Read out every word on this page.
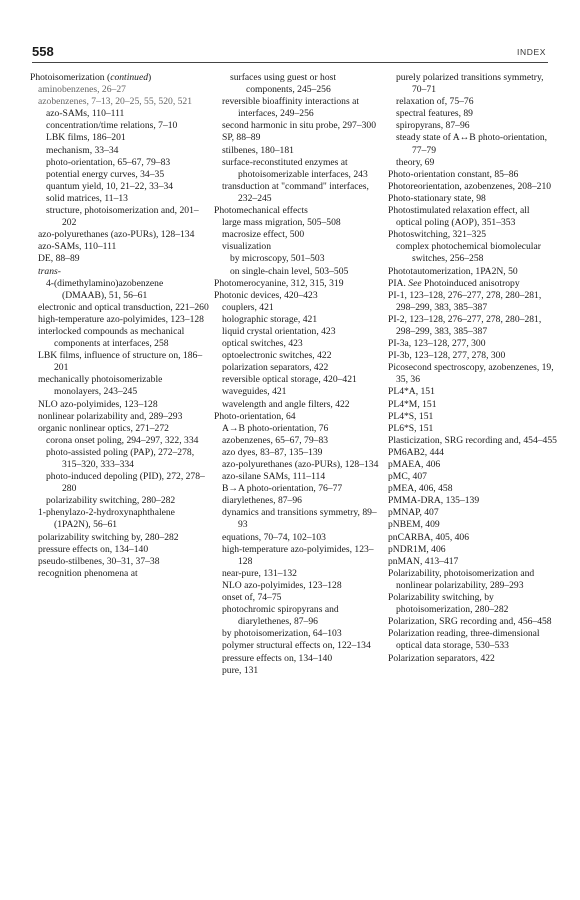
558	INDEX

Photoisomerization (continued)

aminobenzenes, 26–27

azobenzenes, 7–13, 20–25, 55, 520, 521

azo-SAMs, 110–111

concentration/time relations, 7–10

LBK films, 186–201

mechanism, 33–34

photo-orientation, 65–67, 79–83

potential energy curves, 34–35

quantum yield, 10, 21–22, 33–34

solid matrices, 11–13

structure, photoisomerization and, 201–202

azo-polyurethanes (azo-PURs), 128–134

azo-SAMs, 110–111

DE, 88–89

trans-

4-(dimethylamino)azobenzene (DMAAB), 51, 56–61

electronic and optical transduction, 221–260

high-temperature azo-polyimides, 123–128

interlocked compounds as mechanical components at interfaces, 258

LBK films, influence of structure on, 186–201

mechanically photoisomerizable monolayers, 243–245

NLO azo-polyimides, 123–128

nonlinear polarizability and, 289–293

organic nonlinear optics, 271–272

corona onset poling, 294–297, 322, 334

photo-assisted poling (PAP), 272–278, 315–320, 333–334

photo-induced depoling (PID), 272, 278–280

polarizability switching, 280–282

1-phenylazo-2-hydroxynaphthalene (1PA2N), 56–61

polarizability switching by, 280–282

pressure effects on, 134–140

pseudo-stilbenes, 30–31, 37–38

recognition phenomena at

surfaces using guest or host components, 245–256

reversible bioaffinity interactions at interfaces, 249–256

second harmonic in situ probe, 297–300

SP, 88–89

stilbenes, 180–181

surface-reconstituted enzymes at photoisomerizable interfaces, 243

transduction at "command" interfaces, 232–245

Photomechanical effects

large mass migration, 505–508

macrosize effect, 500

visualization

by microscopy, 501–503

on single-chain level, 503–505

Photomerocyanine, 312, 315, 319

Photonic devices, 420–423

couplers, 421

holographic storage, 421

liquid crystal orientation, 423

optical switches, 423

optoelectronic switches, 422

polarization separators, 422

reversible optical storage, 420–421

waveguides, 421

wavelength and angle filters, 422

Photo-orientation, 64

A→B photo-orientation, 76

azobenzenes, 65–67, 79–83

azo dyes, 83–87, 135–139

azo-polyurethanes (azo-PURs), 128–134

azo-silane SAMs, 111–114

B→A photo-orientation, 76–77

diarylethenes, 87–96

dynamics and transitions symmetry, 89–93

equations, 70–74, 102–103

high-temperature azo-polyimides, 123–128

near-pure, 131–132

NLO azo-polyimides, 123–128

onset of, 74–75

photochromic spiropyrans and diarylethenes, 87–96

by photoisomerization, 64–103

polymer structural effects on, 122–134

pressure effects on, 134–140

pure, 131

purely polarized transitions symmetry, 70–71

relaxation of, 75–76

spectral features, 89

spiropyrans, 87–96

steady state of A↔B photo-orientation, 77–79

theory, 69

Photo-orientation constant, 85–86

Photoreorientation, azobenzenes, 208–210

Photo-stationary state, 98

Photostimulated relaxation effect, all optical poling (AOP), 351–353

Photoswitching, 321–325

complex photochemical biomolecular switches, 256–258

Phototautomerization, 1PA2N, 50

PIA. See Photoinduced anisotropy

PI-1, 123–128, 276–277, 278, 280–281, 298–299, 383, 385–387

PI-2, 123–128, 276–277, 278, 280–281, 298–299, 383, 385–387

PI-3a, 123–128, 277, 300

PI-3b, 123–128, 277, 278, 300

Picosecond spectroscopy, azobenzenes, 19, 35, 36

PL4*A, 151

PL4*M, 151

PL4*S, 151

PL6*S, 151

Plasticization, SRG recording and, 454–455

PM6AB2, 444

pMAEA, 406

pMC, 407

pMEA, 406, 458

PMMA-DRA, 135–139

pMNAP, 407

pNBEM, 409

pnCARBA, 405, 406

pNDR1M, 406

pnMAN, 413–417

Polarizability, photoisomerization and nonlinear polarizability, 289–293

Polarizability switching, by photoisomerization, 280–282

Polarization, SRG recording and, 456–458

Polarization reading, three-dimensional optical data storage, 530–533

Polarization separators, 422
